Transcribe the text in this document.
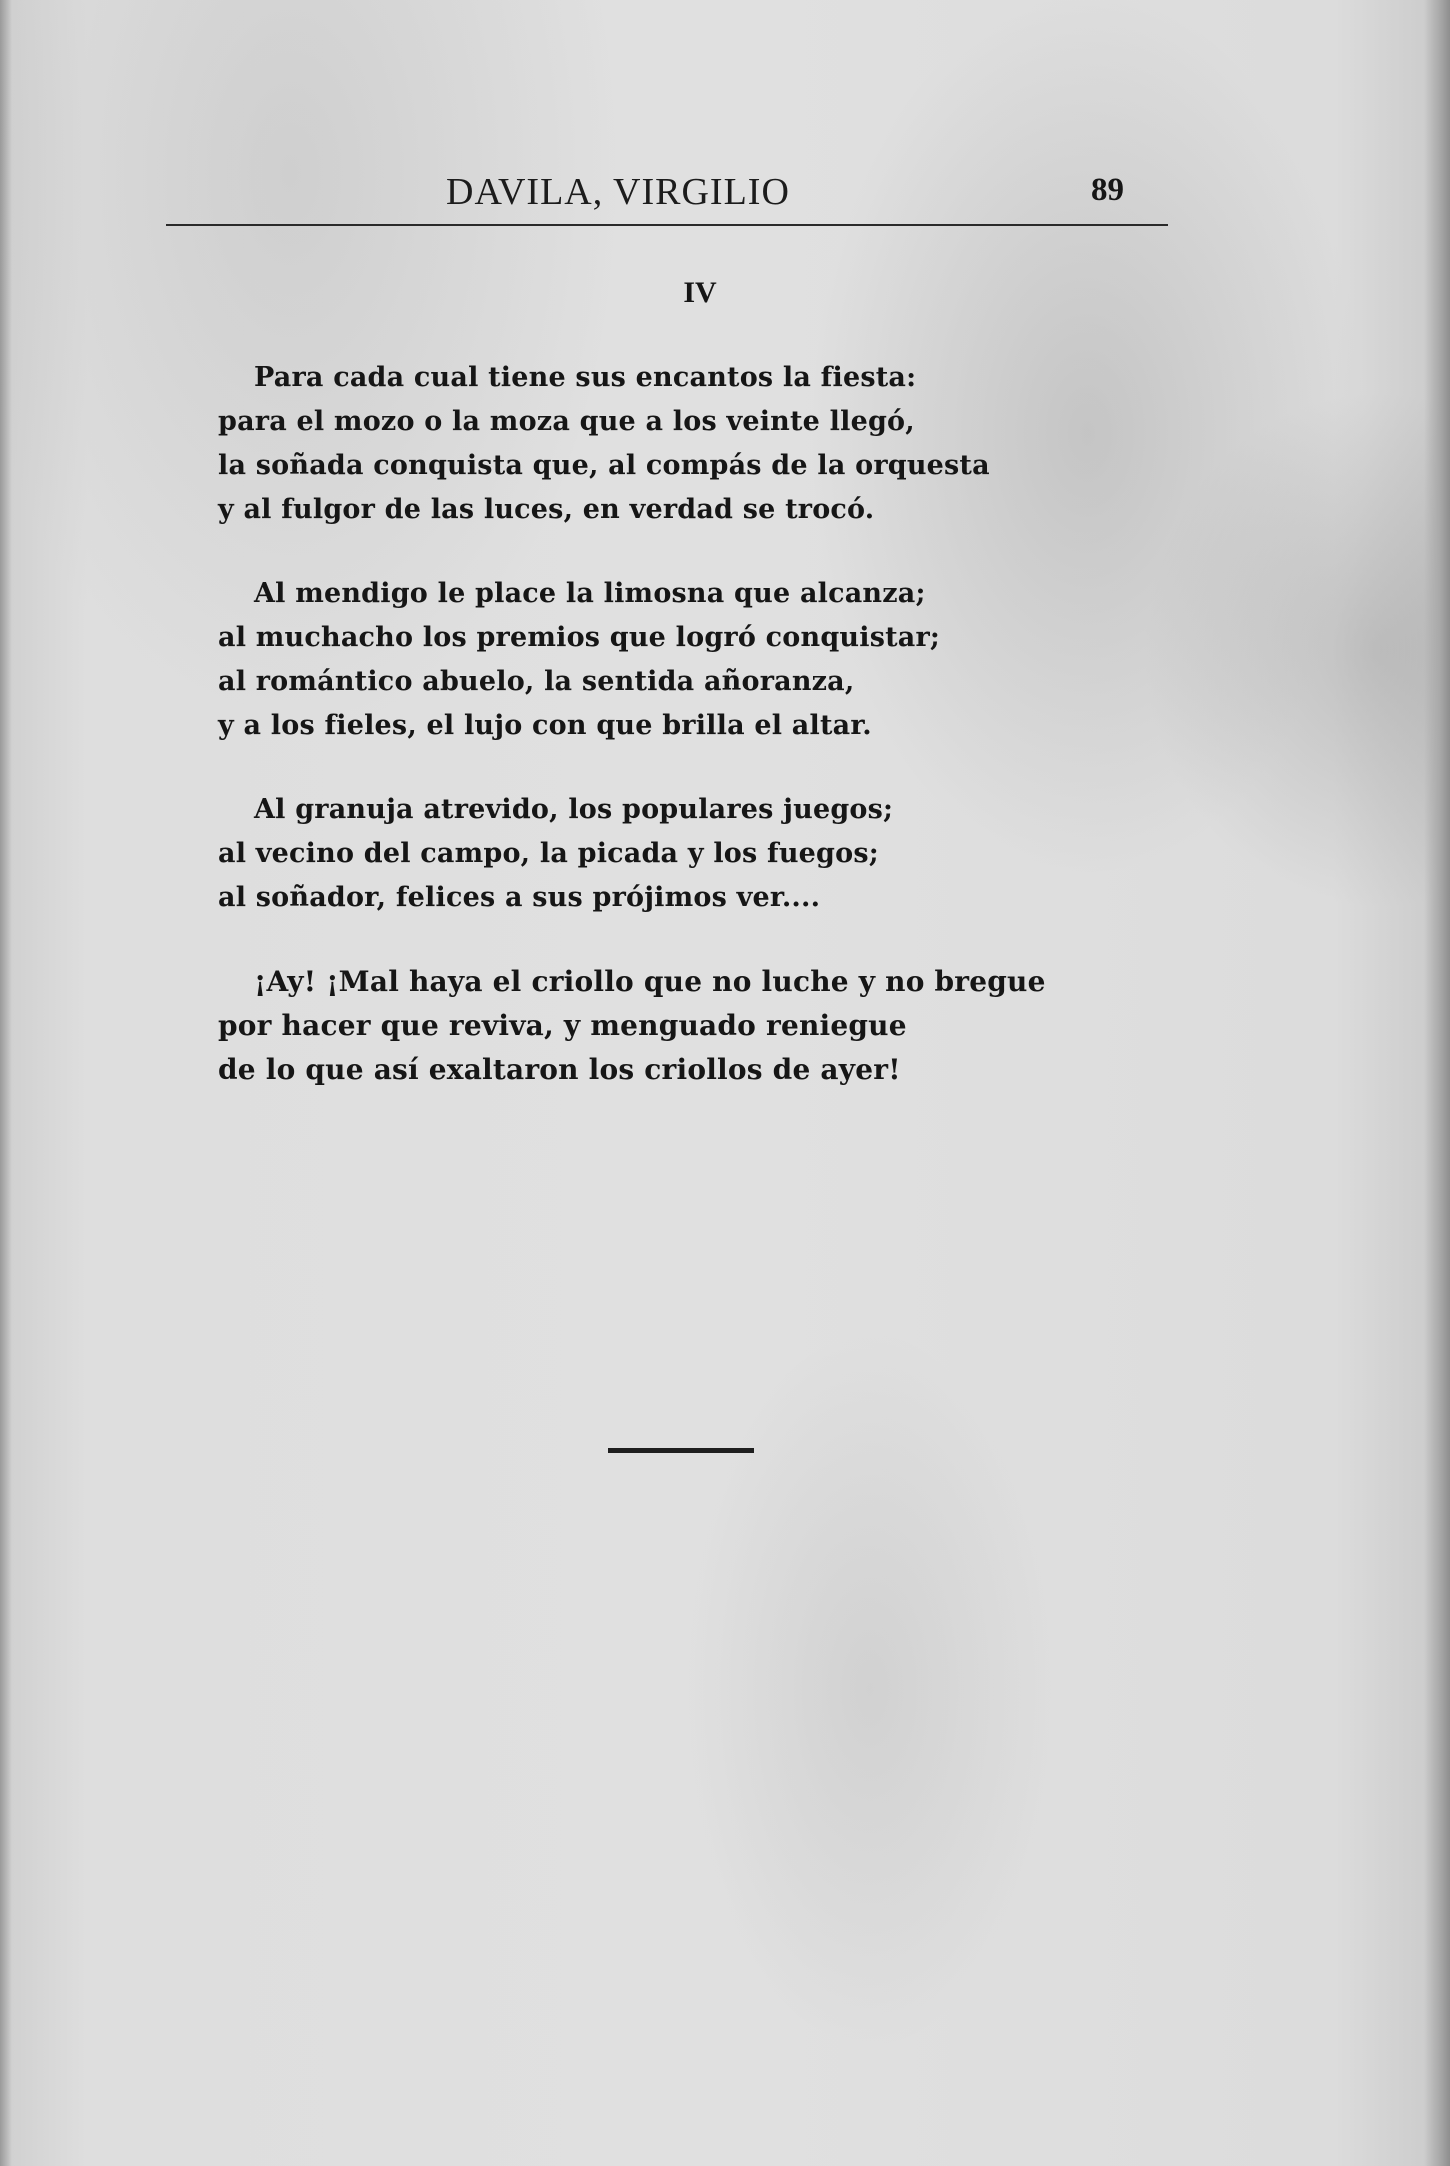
DAVILA, VIRGILIO	89
IV
Para cada cual tiene sus encantos la fiesta:
para el mozo o la moza que a los veinte llegó,
la soñada conquista que, al compás de la orquesta
y al fulgor de las luces, en verdad se trocó.
Al mendigo le place la limosna que alcanza;
al muchacho los premios que logró conquistar;
al romántico abuelo, la sentida añoranza,
y a los fieles, el lujo con que brilla el altar.
Al granuja atrevido, los populares juegos;
al vecino del campo, la picada y los fuegos;
al soñador, felices a sus prójimos ver....
¡Ay! ¡Mal haya el criollo que no luche y no bregue
por hacer que reviva, y menguado reniegue
de lo que así exaltaron los criollos de ayer!
